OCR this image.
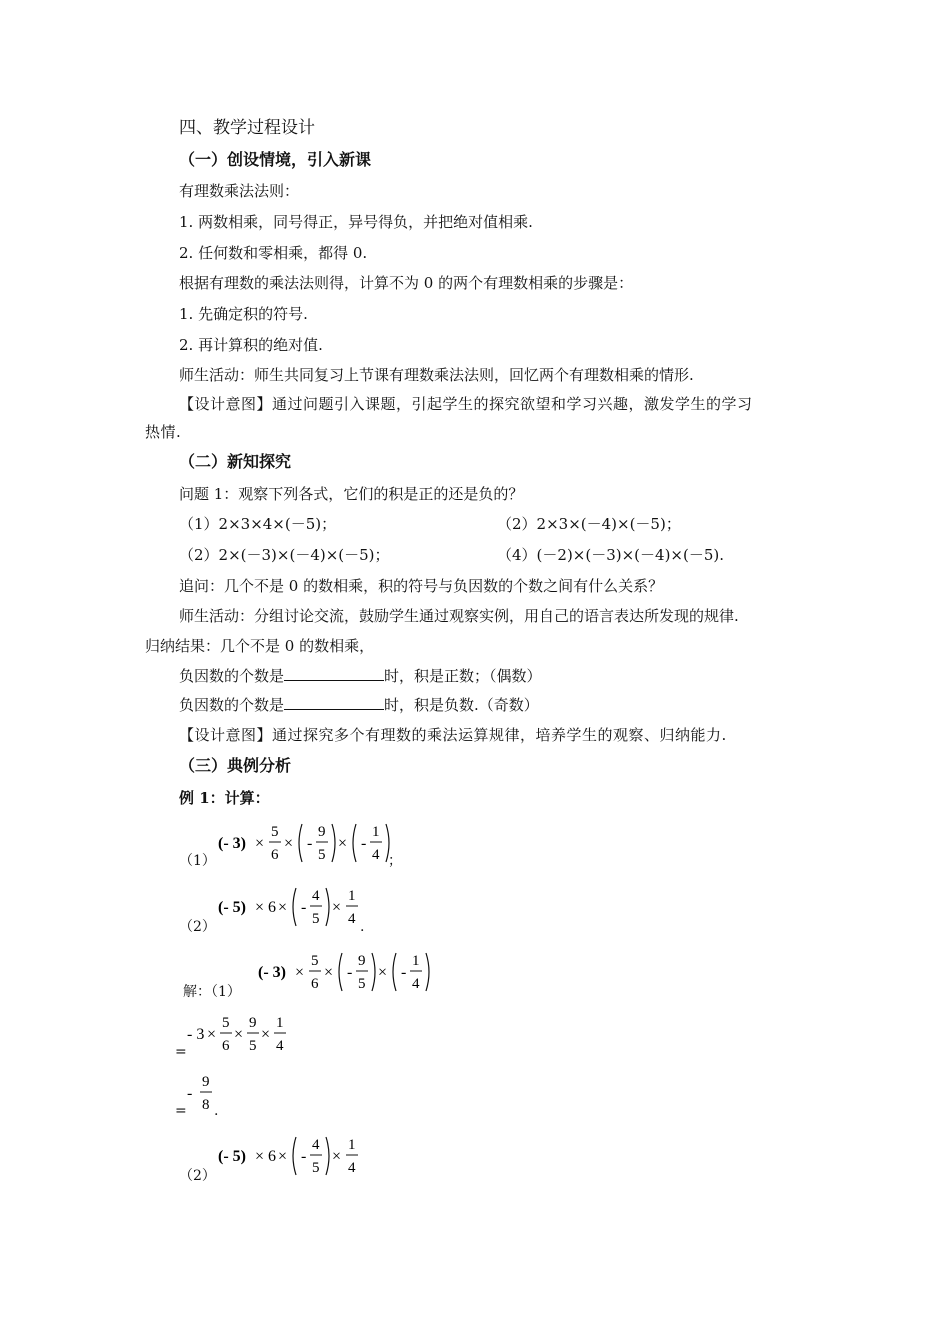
四、教学过程设计
（一）创设情境，引入新课
有理数乘法法则：
1. 两数相乘，同号得正，异号得负，并把绝对值相乘.
2. 任何数和零相乘，都得 0.
根据有理数的乘法法则得，计算不为 0 的两个有理数相乘的步骤是：
1. 先确定积的符号.
2. 再计算积的绝对值.
师生活动：师生共同复习上节课有理数乘法法则，回忆两个有理数相乘的情形.
【设计意图】通过问题引入课题，引起学生的探究欲望和学习兴趣，激发学生的学习
热情.
（二）新知探究
问题 1：观察下列各式，它们的积是正的还是负的？
（1）2×3×4×(－5)；	（2）2×3×(－4)×(－5)；
（2）2×(－3)×(－4)×(－5)；	（4）(－2)×(－3)×(－4)×(－5).
追问：几个不是 0 的数相乘，积的符号与负因数的个数之间有什么关系？
师生活动：分组讨论交流，鼓励学生通过观察实例，用自己的语言表达所发现的规律.
归纳结果：几个不是 0 的数相乘，
负因数的个数是	时，积是正数；（偶数）
负因数的个数是	时，积是负数.（奇数）
【设计意图】通过探究多个有理数的乘法运算规律，培养学生的观察、归纳能力.
（三）典例分析
例 1：计算：
（1）
(- 3) ×
5
6
× -
9
5
× -
1
4 ；
（2）
(- 5) × 6 × -
4
5
×
1
4 .
解：（1）
(- 3) ×
5
6
× -
9
5
× -
1
4
=
- 3 ×
5
6
×
9
5
×
1
4
=
-
9
8 .
（2）
(- 5) × 6 × -
4
5
×
1
4
